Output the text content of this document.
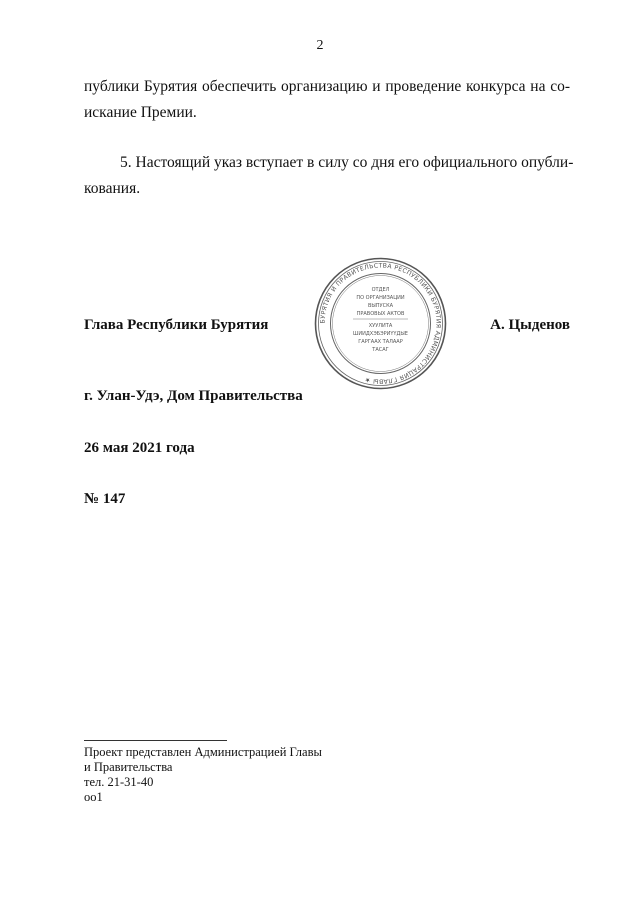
2
публики Бурятия обеспечить организацию и проведение конкурса на со-
искание Премии.
5. Настоящий указ вступает в силу со дня его официального опубли-
кования.
Глава Республики Бурятия	БУРЯТИЯ И ПРАВИТЕЛЬСТВА РЕСПУБЛИКИ БУРЯТИЯ АДМИНИСТРАЦИЯ ГЛАВЫ ★
ОТДЕЛ
ПО ОРГАНИЗАЦИИ
ВЫПУСКА
ПРАВОВЫХ АКТОВ
ХУУЛИТА
ШИИДХЭБЭРИҮҮДЫЕ
ГАРГААХ ТАЛААР
ТАСАГ
А. Цыденов
г. Улан-Удэ, Дом Правительства
26 мая 2021 года
№ 147
Проект представлен Администрацией Главы
и Правительства
тел. 21-31-40
oo1
